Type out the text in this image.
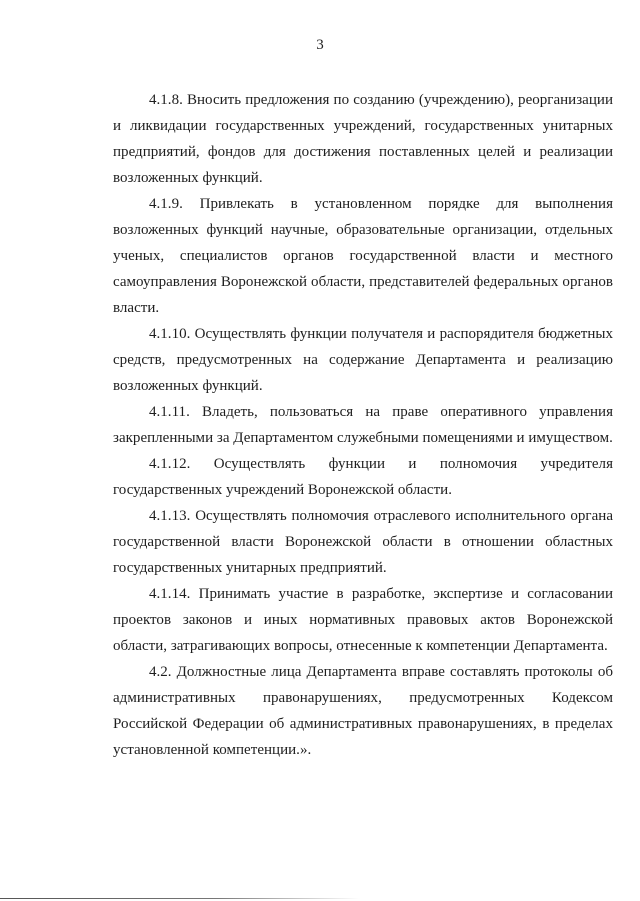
3

4.1.8. Вносить предложения по созданию (учреждению), реорганизации и ликвидации государственных учреждений, государственных унитарных предприятий, фондов для достижения поставленных целей и реализации возложенных функций.

4.1.9. Привлекать в установленном порядке для выполнения возложенных функций научные, образовательные организации, отдельных ученых, специалистов органов государственной власти и местного самоуправления Воронежской области, представителей федеральных органов власти.

4.1.10. Осуществлять функции получателя и распорядителя бюджетных средств, предусмотренных на содержание Департамента и реализацию возложенных функций.

4.1.11. Владеть, пользоваться на праве оперативного управления закрепленными за Департаментом служебными помещениями и имуществом.

4.1.12. Осуществлять функции и полномочия учредителя государственных учреждений Воронежской области.

4.1.13. Осуществлять полномочия отраслевого исполнительного органа государственной власти Воронежской области в отношении областных государственных унитарных предприятий.

4.1.14. Принимать участие в разработке, экспертизе и согласовании проектов законов и иных нормативных правовых актов Воронежской области, затрагивающих вопросы, отнесенные к компетенции Департамента.

4.2. Должностные лица Департамента вправе составлять протоколы об административных правонарушениях, предусмотренных Кодексом Российской Федерации об административных правонарушениях, в пределах установленной компетенции.».
